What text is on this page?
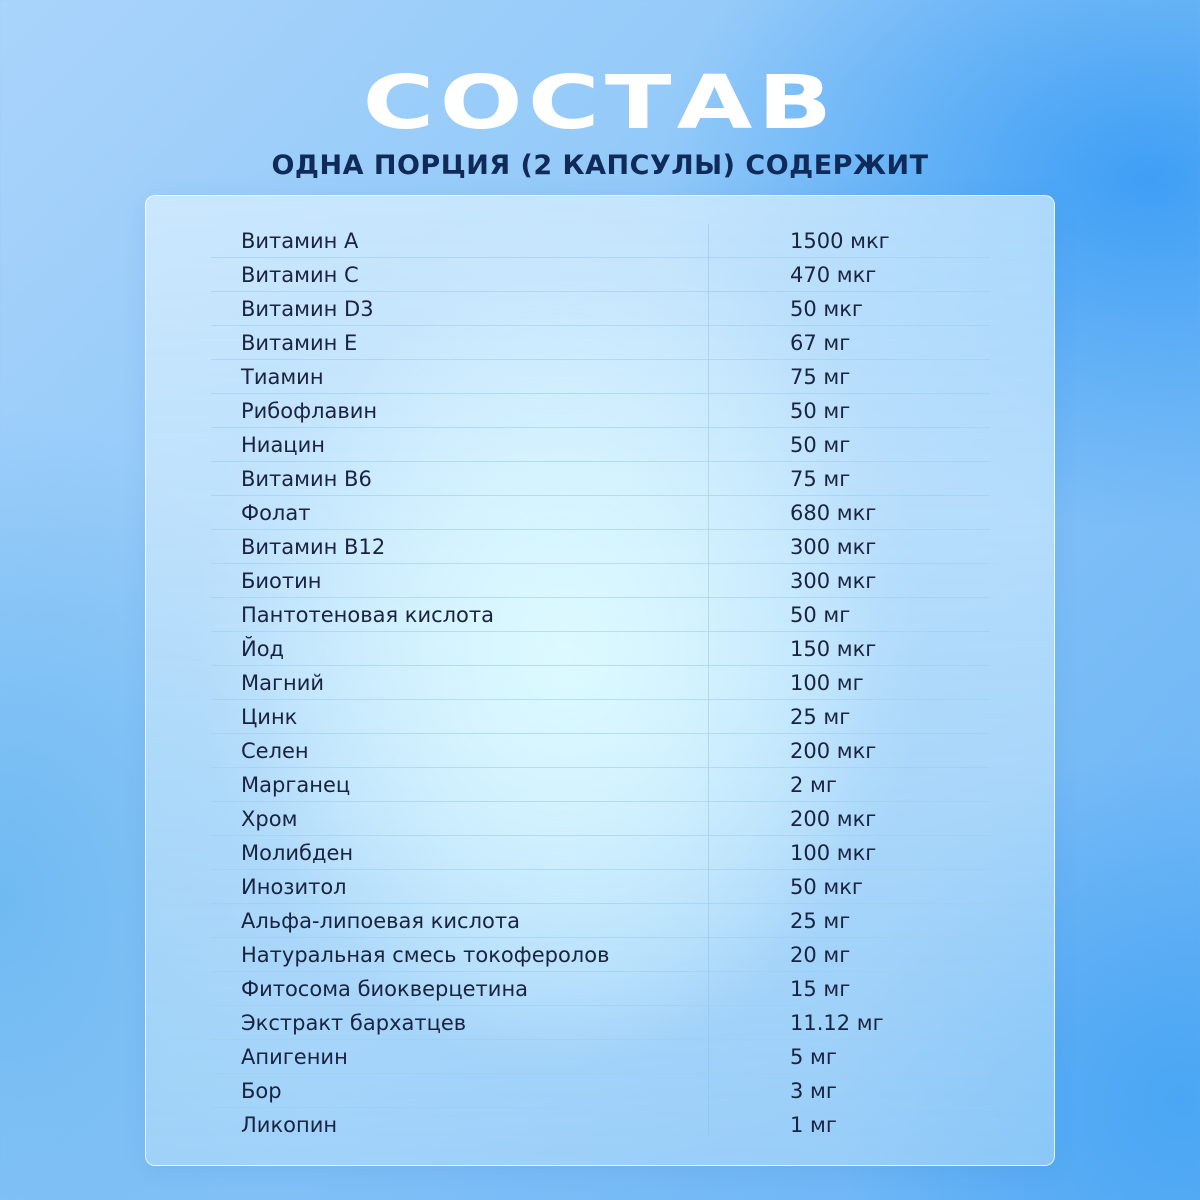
СОСТАВ
ОДНА ПОРЦИЯ (2 КАПСУЛЫ) СОДЕРЖИТ
Витамин А	1500 мкг
Витамин С	470 мкг
Витамин D3	50 мкг
Витамин Е	67 мг
Тиамин	75 мг
Рибофлавин	50 мг
Ниацин	50 мг
Витамин В6	75 мг
Фолат	680 мкг
Витамин В12	300 мкг
Биотин	300 мкг
Пантотеновая кислота	50 мг
Йод	150 мкг
Магний	100 мг
Цинк	25 мг
Селен	200 мкг
Марганец	2 мг
Хром	200 мкг
Молибден	100 мкг
Инозитол	50 мкг
Альфа-липоевая кислота	25 мг
Натуральная смесь токоферолов	20 мг
Фитосома биокверцетина	15 мг
Экстракт бархатцев	11.12 мг
Апигенин	5 мг
Бор	3 мг
Ликопин	1 мг
